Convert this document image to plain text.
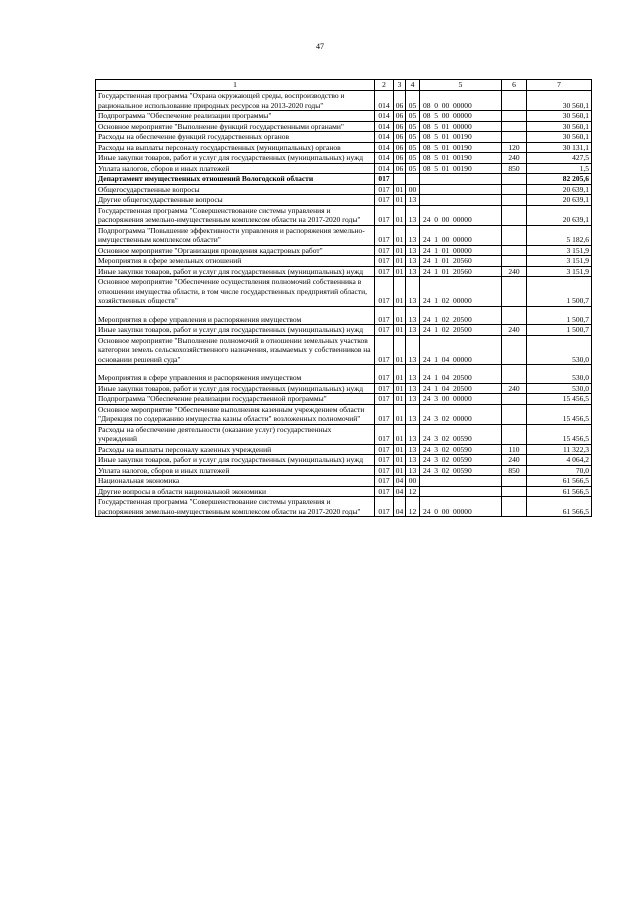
47
1	2	3	4	5	6	7
Государственная программа "Охрана окружающей среды, воспроизводство и рациональное использование природных ресурсов на 2013-2020 годы"	014	06	05	08  0  00  00000		30 560,1
Подпрограмма "Обеспечение реализации программы"	014	06	05	08  5  00  00000		30 560,1
Основное мероприятие "Выполнение функций государственными органами"	014	06	05	08  5  01  00000		30 560,1
Расходы на обеспечение функций государственных органов	014	06	05	08  5  01  00190		30 560,1
Расходы на выплаты персоналу государственных (муниципальных) органов	014	06	05	08  5  01  00190	120	30 131,1
Иные закупки товаров, работ и услуг для государственных (муниципальных) нужд	014	06	05	08  5  01  00190	240	427,5
Уплата налогов, сборов и иных платежей	014	06	05	08  5  01  00190	850	1,5
Департамент имущественных отношений Вологодской области	017					82 205,6
Общегосударственные вопросы	017	01	00			20 639,1
Другие общегосударственные вопросы	017	01	13			20 639,1
Государственная программа "Совершенствование системы управления и распоряжения земельно-имущественным комплексом области на 2017-2020 годы"	017	01	13	24  0  00  00000		20 639,1
Подпрограмма "Повышение эффективности управления и распоряжения земельно-имущественным комплексом области"	017	01	13	24  1  00  00000		5 182,6
Основное мероприятие "Организация проведения кадастровых работ"	017	01	13	24  1  01  00000		3 151,9
Мероприятия в сфере земельных отношений	017	01	13	24  1  01  20560		3 151,9
Иные закупки товаров, работ и услуг для государственных (муниципальных) нужд	017	01	13	24  1  01  20560	240	3 151,9
Основное мероприятие "Обеспечение осуществления полномочий собственника в отношении имущества области, в том числе государственных предприятий области, хозяйственных обществ"	017	01	13	24  1  02  00000		1 500,7
Мероприятия в сфере управления и распоряжения имуществом	017	01	13	24  1  02  20500		1 500,7
Иные закупки товаров, работ и услуг для государственных (муниципальных) нужд	017	01	13	24  1  02  20500	240	1 500,7
Основное мероприятие "Выполнение полномочий в отношении земельных участков категории земель сельскохозяйственного назначения, изымаемых у собственников на основании решений суда"	017	01	13	24  1  04  00000		530,0
Мероприятия в сфере управления и распоряжения имуществом	017	01	13	24  1  04  20500		530,0
Иные закупки товаров, работ и услуг для государственных (муниципальных) нужд	017	01	13	24  1  04  20500	240	530,0
Подпрограмма "Обеспечение реализации государственной программы"	017	01	13	24  3  00  00000		15 456,5
Основное мероприятие "Обеспечение выполнения казенным учреждением области "Дирекция по содержанию имущества казны области" возложенных полномочий"	017	01	13	24  3  02  00000		15 456,5
Расходы на обеспечение деятельности (оказание услуг) государственных учреждений	017	01	13	24  3  02  00590		15 456,5
Расходы на выплаты персоналу казенных учреждений	017	01	13	24  3  02  00590	110	11 322,3
Иные закупки товаров, работ и услуг для государственных (муниципальных) нужд	017	01	13	24  3  02  00590	240	4 064,2
Уплата налогов, сборов и иных платежей	017	01	13	24  3  02  00590	850	70,0
Национальная экономика	017	04	00			61 566,5
Другие вопросы в области национальной экономики	017	04	12			61 566,5
Государственная программа "Совершенствование системы управления и распоряжения земельно-имущественным комплексом области на 2017-2020 годы"	017	04	12	24  0  00  00000		61 566,5
